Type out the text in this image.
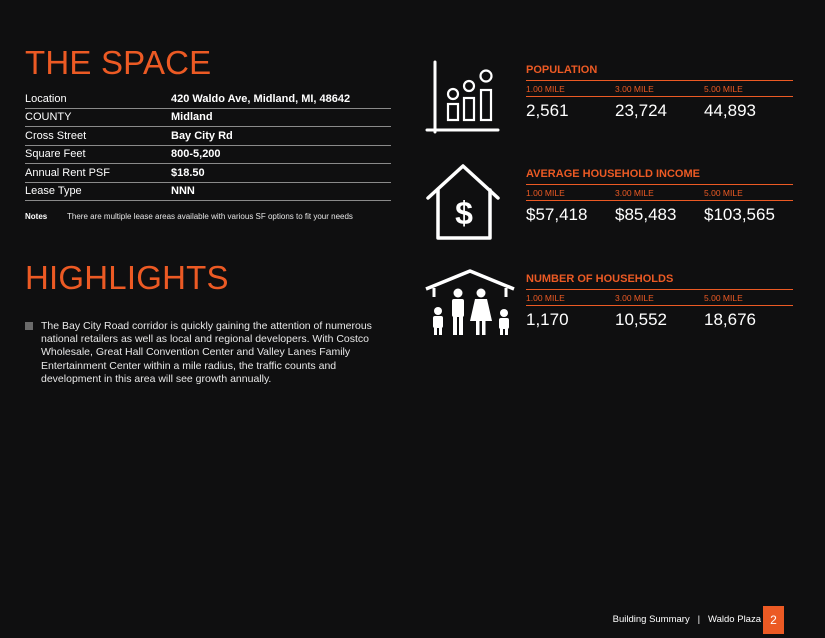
THE SPACE
Location	420 Waldo Ave, Midland, MI, 48642
COUNTY	Midland
Cross Street	Bay City Rd
Square Feet	800-5,200
Annual Rent PSF	$18.50
Lease Type	NNN
Notes	There are multiple lease areas available with various SF options to fit your needs
HIGHLIGHTS
The Bay City Road corridor is quickly gaining the attention of numerous national retailers as well as local and regional developers. With Costco Wholesale, Great Hall Convention Center and Valley Lanes Family Entertainment Center within a mile radius, the traffic counts and development in this area will see growth annually.
$
POPULATION
1.00 MILE	3.00 MILE	5.00 MILE
2,561	23,724	44,893
AVERAGE HOUSEHOLD INCOME
1.00 MILE	3.00 MILE	5.00 MILE
$57,418	$85,483	$103,565
NUMBER OF HOUSEHOLDS
1.00 MILE	3.00 MILE	5.00 MILE
1,170	10,552	18,676
Building Summary   |   Waldo Plaza 2
